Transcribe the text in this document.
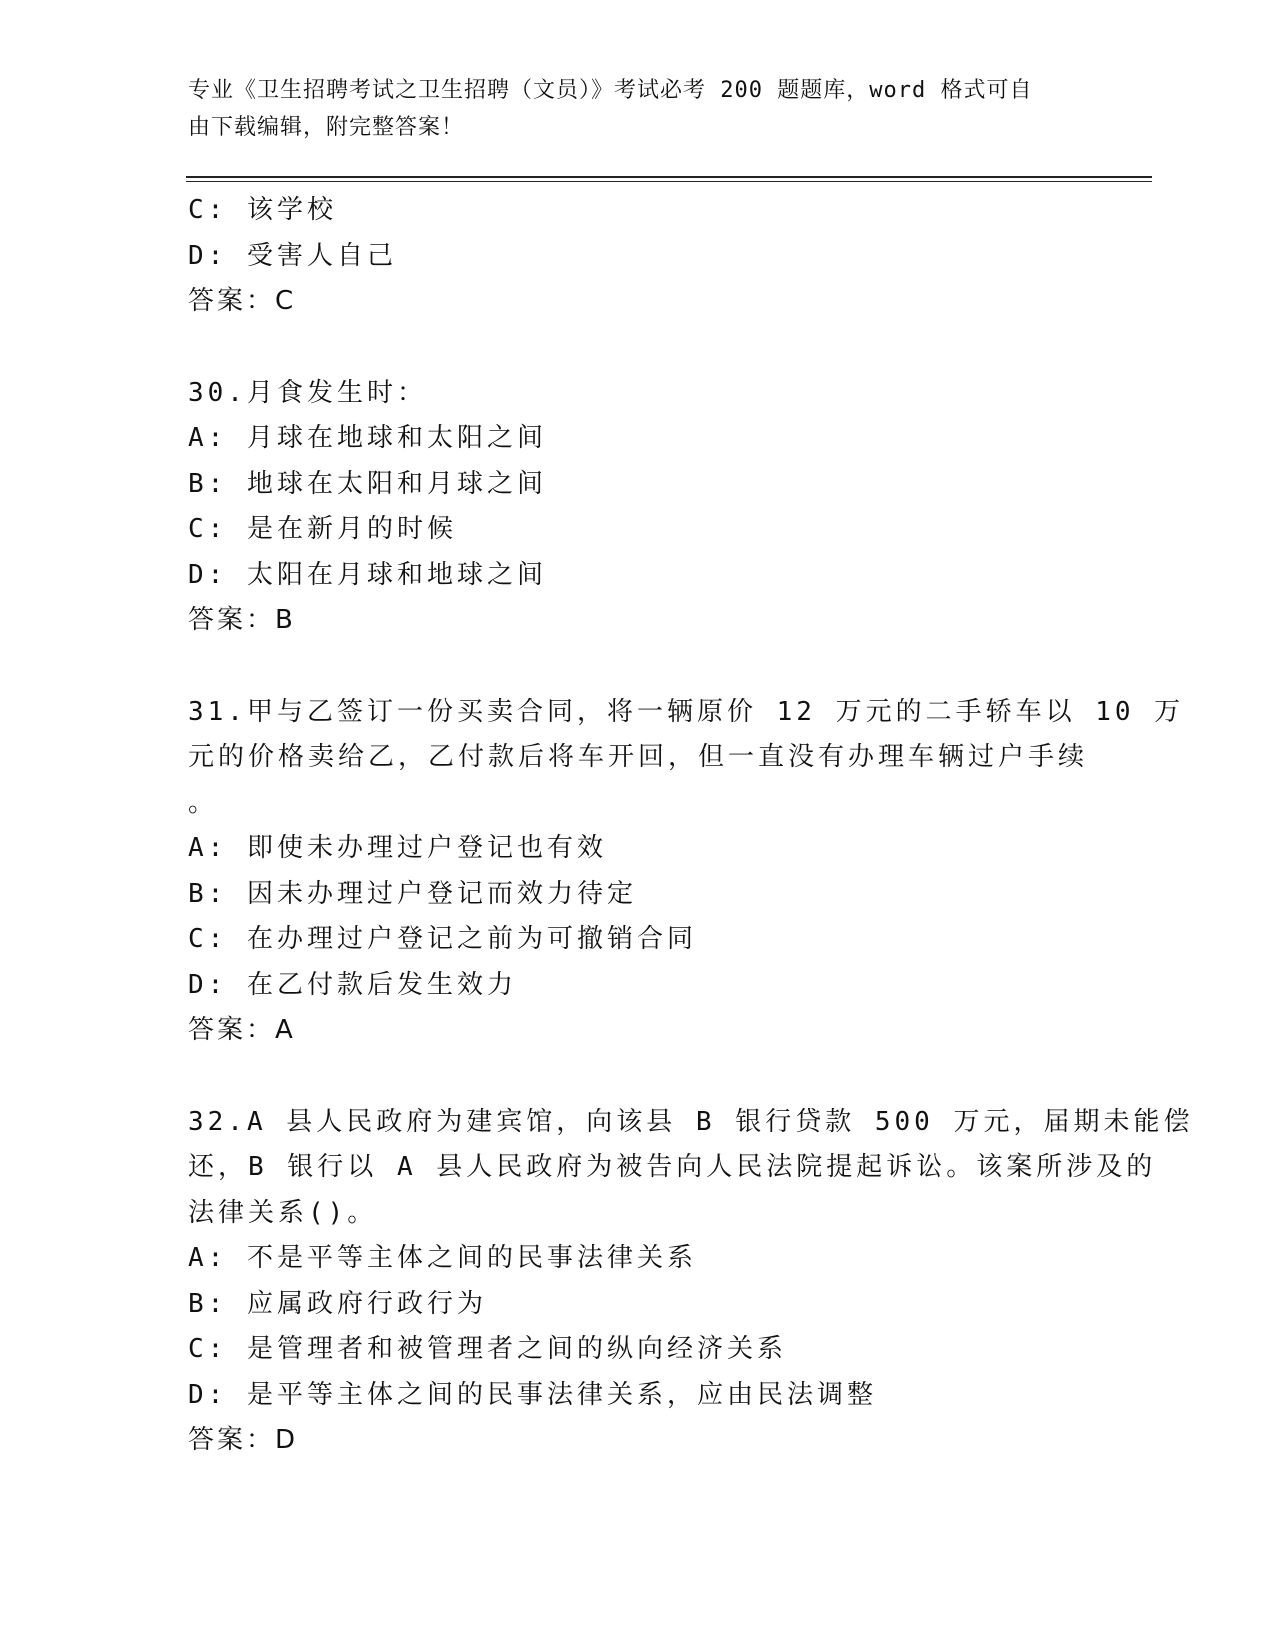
专业《卫生招聘考试之卫生招聘（文员）》考试必考 200 题题库，word 格式可自
由下载编辑，附完整答案！
C: 该学校
D: 受害人自己
答案：C
30.月食发生时：
A: 月球在地球和太阳之间
B: 地球在太阳和月球之间
C: 是在新月的时候
D: 太阳在月球和地球之间
答案：B
31.甲与乙签订一份买卖合同，将一辆原价 12 万元的二手轿车以 10 万
元的价格卖给乙，乙付款后将车开回，但一直没有办理车辆过户手续
。
A: 即使未办理过户登记也有效
B: 因未办理过户登记而效力待定
C: 在办理过户登记之前为可撤销合同
D: 在乙付款后发生效力
答案：A
32.A 县人民政府为建宾馆，向该县 B 银行贷款 500 万元，届期未能偿
还，B 银行以 A 县人民政府为被告向人民法院提起诉讼。该案所涉及的
法律关系()。
A: 不是平等主体之间的民事法律关系
B: 应属政府行政行为
C: 是管理者和被管理者之间的纵向经济关系
D: 是平等主体之间的民事法律关系，应由民法调整
答案：D
